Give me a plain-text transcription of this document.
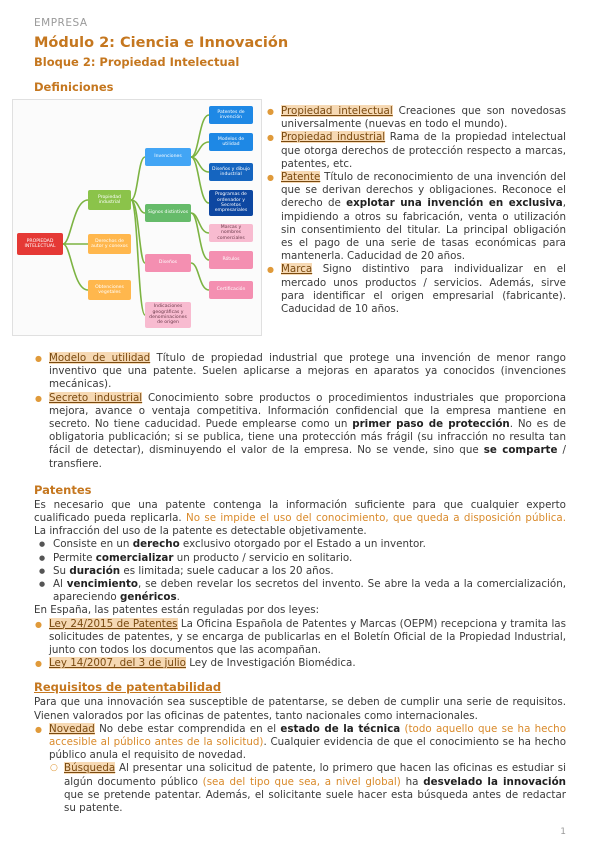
EMPRESA
Módulo 2: Ciencia e Innovación
Bloque 2: Propiedad Intelectual
Definiciones
PROPIEDAD INTELECTUAL
Propiedad industrial
Derechos de autor y conexos
Obtenciones vegetales
Invenciones
Signos distintivos
Diseños
Indicaciones geográficas y denominaciones de origen
Patentes de invención
Modelos de utilidad
Diseños y dibujo industrial
Programas de ordenador y Secretos empresariales
Marcas y nombres comerciales
Rótulos
Certificación
● Propiedad intelectual Creaciones que son novedosas universalmente (nuevas en todo el mundo).
● Propiedad industrial Rama de la propiedad intelectual que otorga derechos de protección respecto a marcas, patentes, etc.
● Patente Título de reconocimiento de una invención del que se derivan derechos y obligaciones. Reconoce el derecho de explotar una invención en exclusiva, impidiendo a otros su fabricación, venta o utilización sin consentimiento del titular. La principal obligación es el pago de una serie de tasas económicas para mantenerla. Caducidad de 20 años.
● Marca Signo distintivo para individualizar en el mercado unos productos / servicios. Además, sirve para identificar el origen empresarial (fabricante). Caducidad de 10 años.
● Modelo de utilidad Título de propiedad industrial que protege una invención de menor rango inventivo que una patente. Suelen aplicarse a mejoras en aparatos ya conocidos (invenciones mecánicas).
● Secreto industrial Conocimiento sobre productos o procedimientos industriales que proporciona mejora, avance o ventaja competitiva. Información confidencial que la empresa mantiene en secreto. No tiene caducidad. Puede emplearse como un primer paso de protección. No es de obligatoria publicación; si se publica, tiene una protección más frágil (su infracción no resulta tan fácil de detectar), disminuyendo el valor de la empresa. No se vende, sino que se comparte / transfiere.
Patentes
Es necesario que una patente contenga la información suficiente para que cualquier experto cualificado pueda replicarla. No se impide el uso del conocimiento, que queda a disposición pública. La infracción del uso de la patente es detectable objetivamente.
● Consiste en un derecho exclusivo otorgado por el Estado a un inventor.
● Permite comercializar un producto / servicio en solitario.
● Su duración es limitada; suele caducar a los 20 años.
● Al vencimiento, se deben revelar los secretos del invento. Se abre la veda a la comercialización, apareciendo genéricos.
En España, las patentes están reguladas por dos leyes:
● Ley 24/2015 de Patentes La Oficina Española de Patentes y Marcas (OEPM) recepciona y tramita las solicitudes de patentes, y se encarga de publicarlas en el Boletín Oficial de la Propiedad Industrial, junto con todos los documentos que las acompañan.
● Ley 14/2007, del 3 de julio Ley de Investigación Biomédica.
Requisitos de patentabilidad
Para que una innovación sea susceptible de patentarse, se deben de cumplir una serie de requisitos. Vienen valorados por las oficinas de patentes, tanto nacionales como internacionales.
● Novedad No debe estar comprendida en el estado de la técnica (todo aquello que se ha hecho accesible al público antes de la solicitud). Cualquier evidencia de que el conocimiento se ha hecho público anula el requisito de novedad.
○ Búsqueda Al presentar una solicitud de patente, lo primero que hacen las oficinas es estudiar si algún documento público (sea del tipo que sea, a nivel global) ha desvelado la innovación que se pretende patentar. Además, el solicitante suele hacer esta búsqueda antes de redactar su patente.
1
